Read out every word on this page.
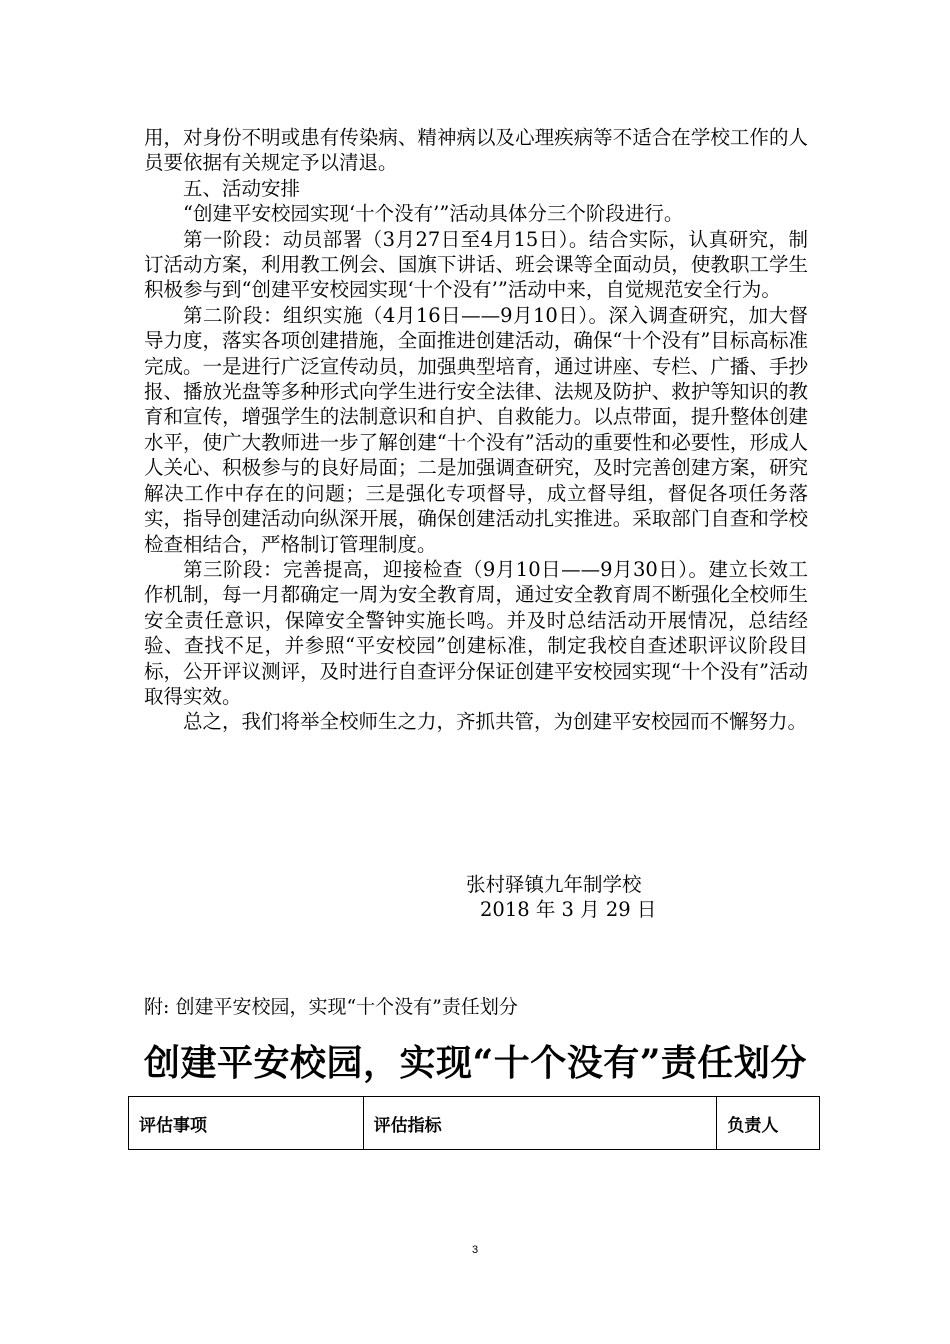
用，对身份不明或患有传染病、精神病以及心理疾病等不适合在学校工作的人员要依据有关规定予以清退。

五、活动安排

“创建平安校园实现‘十个没有’”活动具体分三个阶段进行。

第一阶段：动员部署（3月27日至4月15日）。结合实际，认真研究，制订活动方案，利用教工例会、国旗下讲话、班会课等全面动员，使教职工学生积极参与到“创建平安校园实现‘十个没有’”活动中来，自觉规范安全行为。

第二阶段：组织实施（4月16日——9月10日）。深入调查研究，加大督导力度，落实各项创建措施，全面推进创建活动，确保“十个没有”目标高标准完成。一是进行广泛宣传动员，加强典型培育，通过讲座、专栏、广播、手抄报、播放光盘等多种形式向学生进行安全法律、法规及防护、救护等知识的教育和宣传，增强学生的法制意识和自护、自救能力。以点带面，提升整体创建水平，使广大教师进一步了解创建“十个没有”活动的重要性和必要性，形成人人关心、积极参与的良好局面；二是加强调查研究，及时完善创建方案，研究解决工作中存在的问题；三是强化专项督导，成立督导组，督促各项任务落实，指导创建活动向纵深开展，确保创建活动扎实推进。采取部门自查和学校检查相结合，严格制订管理制度。

第三阶段：完善提高，迎接检查（9月10日——9月30日）。建立长效工作机制，每一月都确定一周为安全教育周，通过安全教育周不断强化全校师生安全责任意识，保障安全警钟实施长鸣。并及时总结活动开展情况，总结经验、查找不足，并参照“平安校园”创建标准，制定我校自查述职评议阶段目标，公开评议测评，及时进行自查评分保证创建平安校园实现“十个没有”活动取得实效。

总之，我们将举全校师生之力，齐抓共管，为创建平安校园而不懈努力。

张村驿镇九年制学校
2018 年 3 月 29 日
附: 创建平安校园，实现“十个没有”责任划分
创建平安校园，实现“十个没有”责任划分
评估事项	评估指标	负责人
3
